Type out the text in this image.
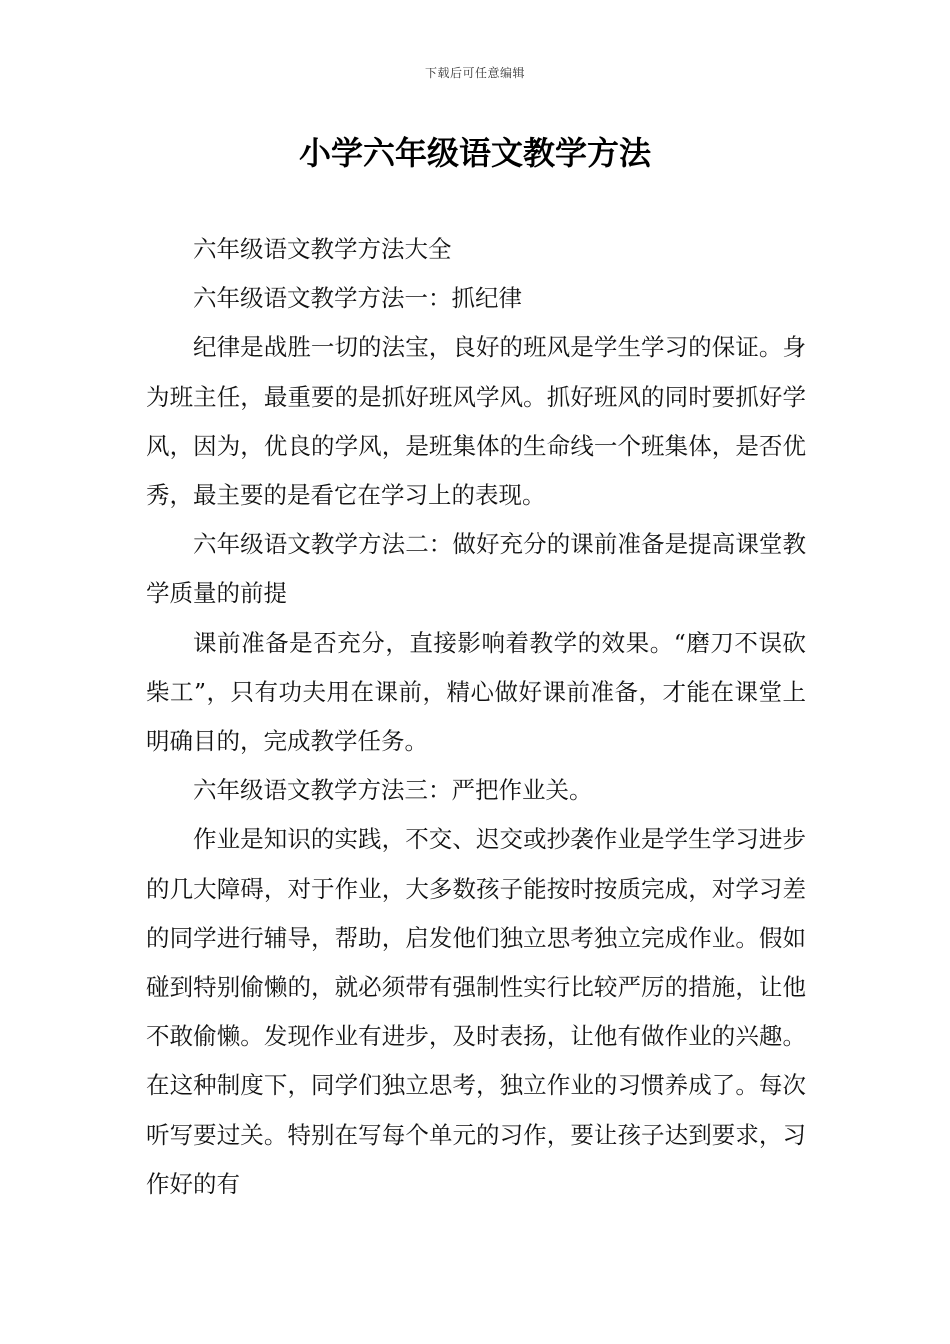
下载后可任意编辑
小学六年级语文教学方法

六年级语文教学方法大全

六年级语文教学方法一：抓纪律

纪律是战胜一切的法宝，良好的班风是学生学习的保证。身为班主任，最重要的是抓好班风学风。抓好班风的同时要抓好学风，因为，优良的学风，是班集体的生命线一个班集体，是否优秀，最主要的是看它在学习上的表现。

六年级语文教学方法二：做好充分的课前准备是提高课堂教学质量的前提

课前准备是否充分，直接影响着教学的效果。“磨刀不误砍柴工”，只有功夫用在课前，精心做好课前准备，才能在课堂上明确目的，完成教学任务。

六年级语文教学方法三：严把作业关。

作业是知识的实践，不交、迟交或抄袭作业是学生学习进步的几大障碍，对于作业，大多数孩子能按时按质完成，对学习差的同学进行辅导，帮助，启发他们独立思考独立完成作业。假如碰到特别偷懒的，就必须带有强制性实行比较严厉的措施，让他不敢偷懒。发现作业有进步，及时表扬，让他有做作业的兴趣。在这种制度下，同学们独立思考，独立作业的习惯养成了。每次听写要过关。特别在写每个单元的习作，要让孩子达到要求，习作好的有
